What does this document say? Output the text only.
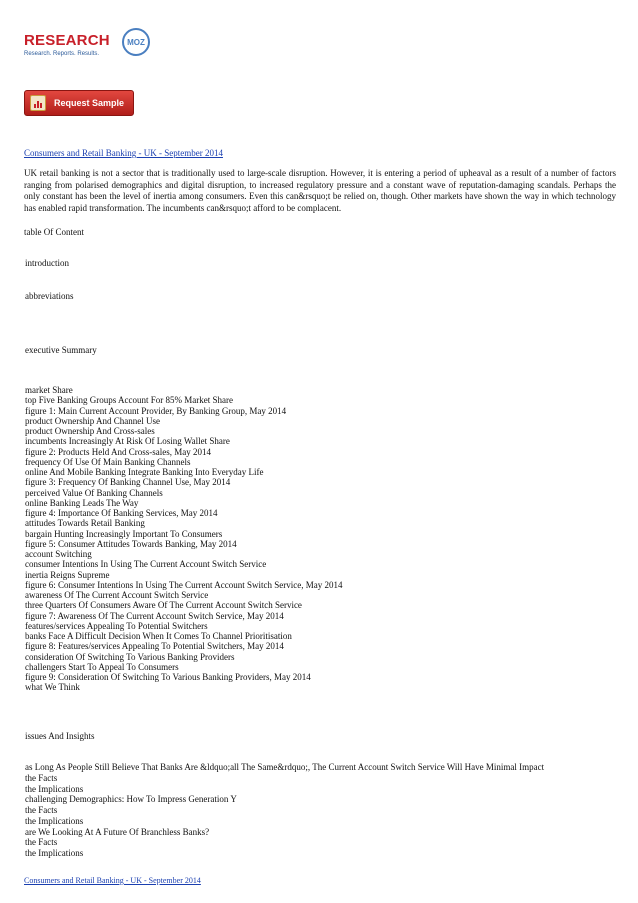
RESEARCH	MOZ
Research. Reports. Results.
Request Sample
Consumers and Retail Banking - UK - September 2014

UK retail banking is not a sector that is traditionally used to large-scale disruption. However, it is entering a period of upheaval as a result of a number of factors ranging from polarised demographics and digital disruption, to increased regulatory pressure and a constant wave of reputation-damaging scandals. Perhaps the only constant has been the level of inertia among consumers. Even this can&rsquo;t be relied on, though. Other markets have shown the way in which technology has enabled rapid transformation. The incumbents can&rsquo;t afford to be complacent.

table Of Content
introduction
abbreviations
executive Summary
market Share
top Five Banking Groups Account For 85% Market Share
figure 1: Main Current Account Provider, By Banking Group, May 2014
product Ownership And Channel Use
product Ownership And Cross-sales
incumbents Increasingly At Risk Of Losing Wallet Share
figure 2: Products Held And Cross-sales, May 2014
frequency Of Use Of Main Banking Channels
online And Mobile Banking Integrate Banking Into Everyday Life
figure 3: Frequency Of Banking Channel Use, May 2014
perceived Value Of Banking Channels
online Banking Leads The Way
figure 4: Importance Of Banking Services, May 2014
attitudes Towards Retail Banking
bargain Hunting Increasingly Important To Consumers
figure 5: Consumer Attitudes Towards Banking, May 2014
account Switching
consumer Intentions In Using The Current Account Switch Service
inertia Reigns Supreme
figure 6: Consumer Intentions In Using The Current Account Switch Service, May 2014
awareness Of The Current Account Switch Service
three Quarters Of Consumers Aware Of The Current Account Switch Service
figure 7: Awareness Of The Current Account Switch Service, May 2014
features/services Appealing To Potential Switchers
banks Face A Difficult Decision When It Comes To Channel Prioritisation
figure 8: Features/services Appealing To Potential Switchers, May 2014
consideration Of Switching To Various Banking Providers
challengers Start To Appeal To Consumers
figure 9: Consideration Of Switching To Various Banking Providers, May 2014
what We Think
issues And Insights
as Long As People Still Believe That Banks Are &ldquo;all The Same&rdquo;, The Current Account Switch Service Will Have Minimal Impact
the Facts
the Implications
challenging Demographics: How To Impress Generation Y
the Facts
the Implications
are We Looking At A Future Of Branchless Banks?
the Facts
the Implications
Consumers and Retail Banking - UK - September 2014
